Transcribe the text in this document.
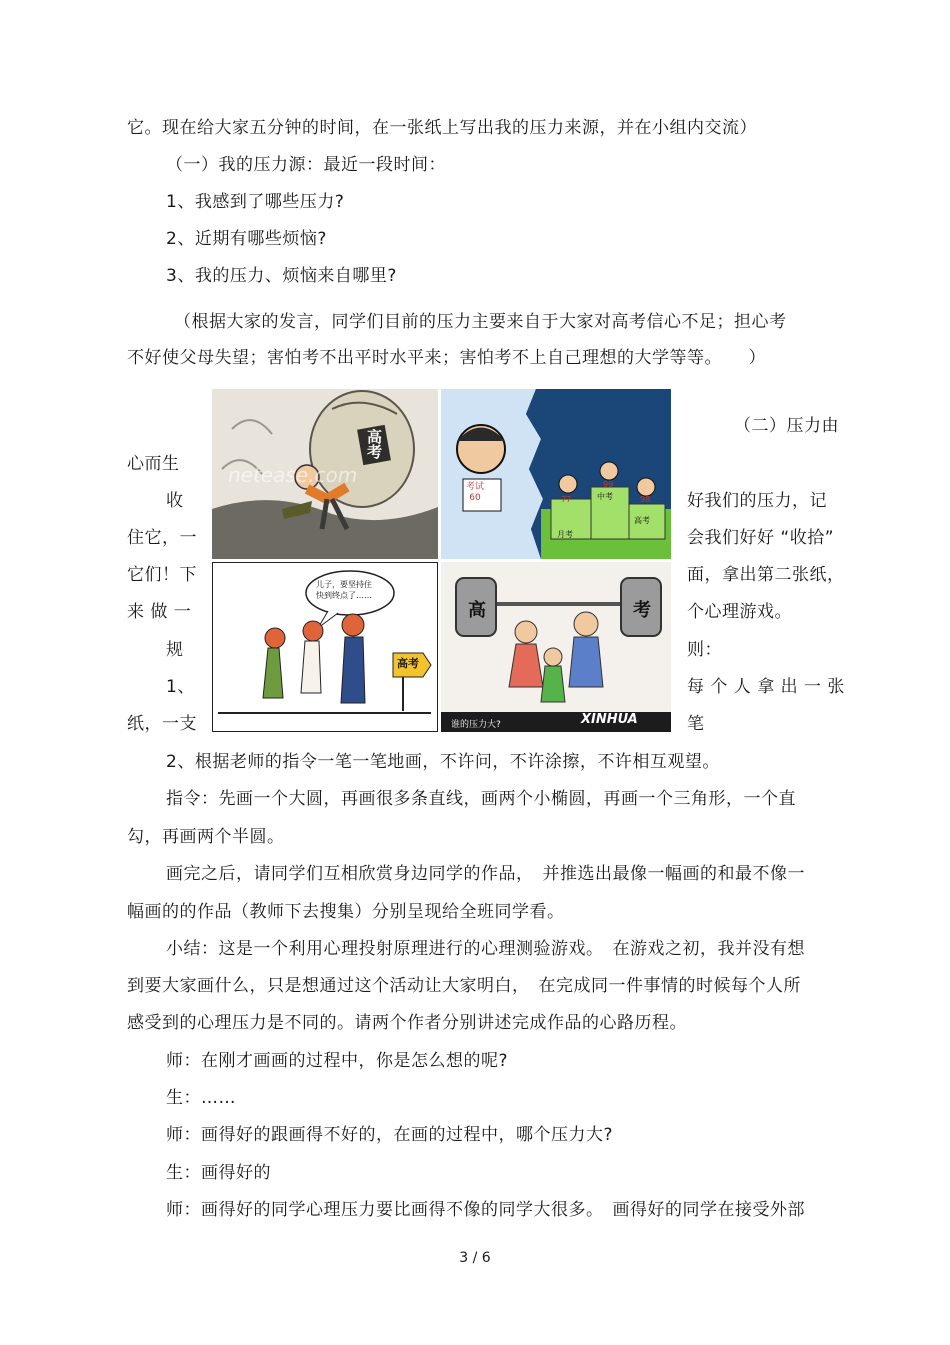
它。现在给大家五分钟的时间，在一张纸上写出我的压力来源，并在小组内交流）
（一）我的压力源：最近一段时间：
1、我感到了哪些压力?
2、近期有哪些烦恼?
3、我的压力、烦恼来自哪里?
（根据大家的发言，同学们目前的压力主要来自于大家对高考信心不足；担心考
不好使父母失望；害怕考不出平时水平来；害怕考不上自己理想的大学等等。　　）
（二）压力由
心而生
收	好我们的压力，记
住它，一	会我们好好 “收拾”
它们！下	面，拿出第二张纸，
来 做 一	个心理游戏。
规	则：
1、	每 个 人 拿 出 一 张
纸，一支	笔
高考
netease.com	考试
60	中考
高考
月考
77
99
98
儿子，要坚持住
快到终点了……
高考
高	考
谁的压力大?	XINHUA
2、根据老师的指令一笔一笔地画，不许问，不许涂擦，不许相互观望。
指令：先画一个大圆，再画很多条直线，画两个小椭圆，再画一个三角形，一个直
勾，再画两个半圆。
画完之后，请同学们互相欣赏身边同学的作品，　并推选出最像一幅画的和最不像一
幅画的的作品（教师下去搜集）分别呈现给全班同学看。
小结：这是一个利用心理投射原理进行的心理测验游戏。　在游戏之初，我并没有想
到要大家画什么，只是想通过这个活动让大家明白，　在完成同一件事情的时候每个人所
感受到的心理压力是不同的。请两个作者分别讲述完成作品的心路历程。
师：在刚才画画的过程中，你是怎么想的呢?
生：……
师：画得好的跟画得不好的，在画的过程中，哪个压力大?
生：画得好的
师：画得好的同学心理压力要比画得不像的同学大很多。　画得好的同学在接受外部
3 / 6
